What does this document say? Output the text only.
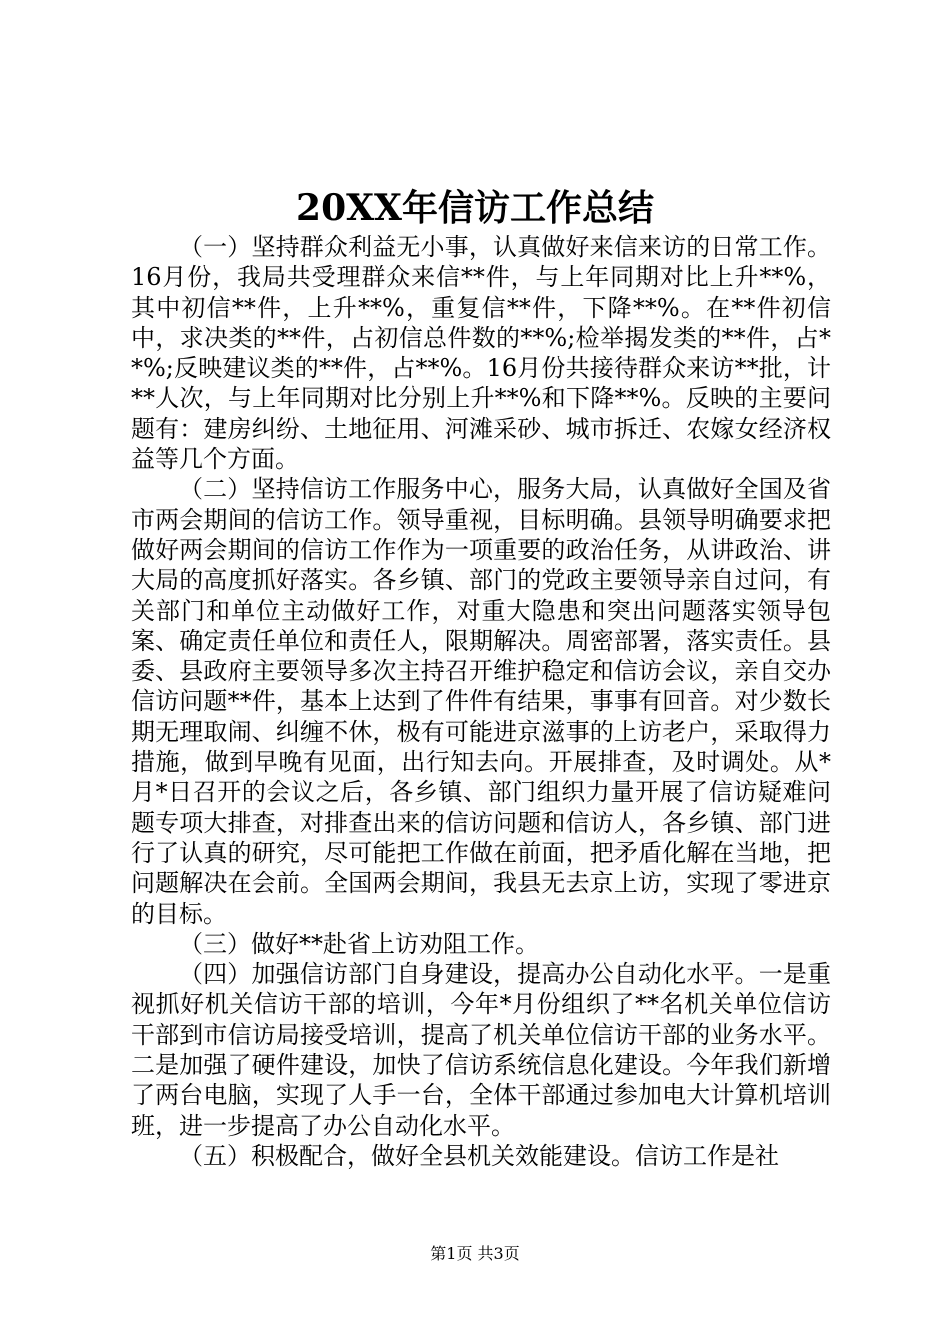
20XX年信访工作总结

（一）坚持群众利益无小事，认真做好来信来访的日常工作。16月份，我局共受理群众来信**件，与上年同期对比上升**%，其中初信**件，上升**%，重复信**件，下降**%。在**件初信中，求决类的**件，占初信总件数的**%;检举揭发类的**件，占**%;反映建议类的**件，占**%。16月份共接待群众来访**批，计**人次，与上年同期对比分别上升**%和下降**%。反映的主要问题有：建房纠纷、土地征用、河滩采砂、城市拆迁、农嫁女经济权益等几个方面。

（二）坚持信访工作服务中心，服务大局，认真做好全国及省市两会期间的信访工作。领导重视，目标明确。县领导明确要求把做好两会期间的信访工作作为一项重要的政治任务，从讲政治、讲大局的高度抓好落实。各乡镇、部门的党政主要领导亲自过问，有关部门和单位主动做好工作，对重大隐患和突出问题落实领导包案、确定责任单位和责任人，限期解决。周密部署，落实责任。县委、县政府主要领导多次主持召开维护稳定和信访会议，亲自交办信访问题**件，基本上达到了件件有结果，事事有回音。对少数长期无理取闹、纠缠不休，极有可能进京滋事的上访老户，采取得力措施，做到早晚有见面，出行知去向。开展排查，及时调处。从*月*日召开的会议之后，各乡镇、部门组织力量开展了信访疑难问题专项大排查，对排查出来的信访问题和信访人，各乡镇、部门进行了认真的研究，尽可能把工作做在前面，把矛盾化解在当地，把问题解决在会前。全国两会期间，我县无去京上访，实现了零进京的目标。

（三）做好**赴省上访劝阻工作。

（四）加强信访部门自身建设，提高办公自动化水平。一是重视抓好机关信访干部的培训，今年*月份组织了**名机关单位信访干部到市信访局接受培训，提高了机关单位信访干部的业务水平。二是加强了硬件建设，加快了信访系统信息化建设。今年我们新增了两台电脑，实现了人手一台，全体干部通过参加电大计算机培训班，进一步提高了办公自动化水平。

（五）积极配合，做好全县机关效能建设。信访工作是社

第1页 共3页
